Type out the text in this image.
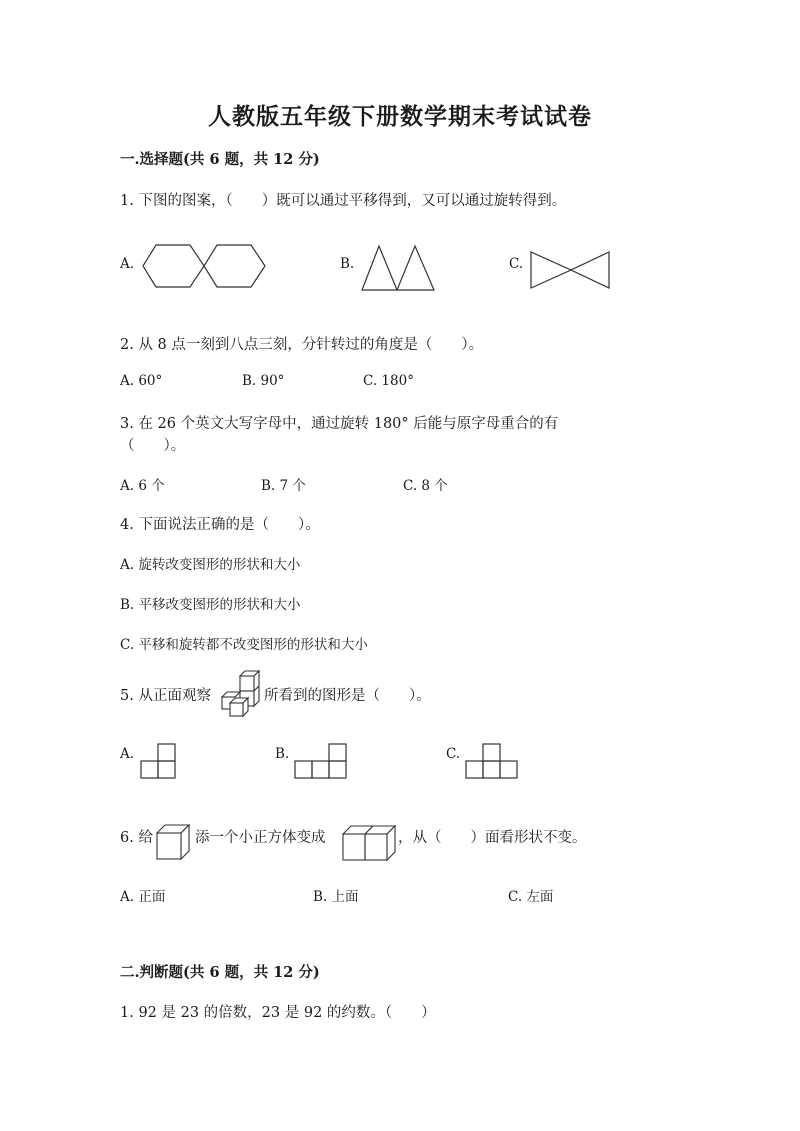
人教版五年级下册数学期末考试试卷
一.选择题(共 6 题，共 12 分)
1. 下图的图案，（　　）既可以通过平移得到，又可以通过旋转得到。
A.	B.	C.
2. 从 8 点一刻到八点三刻，分针转过的角度是（　　）。
A. 60°	B. 90°	C. 180°
3. 在 26 个英文大写字母中，通过旋转 180° 后能与原字母重合的有
（　　）。
A. 6 个	B. 7 个	C. 8 个
4. 下面说法正确的是（　　）。
A. 旋转改变图形的形状和大小
B. 平移改变图形的形状和大小
C. 平移和旋转都不改变图形的形状和大小
5. 从正面观察	所看到的图形是（　　）。
A.	B.	C.
6. 给	添一个小正方体变成	，从（　　）面看形状不变。
A. 正面	B. 上面	C. 左面
二.判断题(共 6 题，共 12 分)
1. 92 是 23 的倍数，23 是 92 的约数。（　　）
